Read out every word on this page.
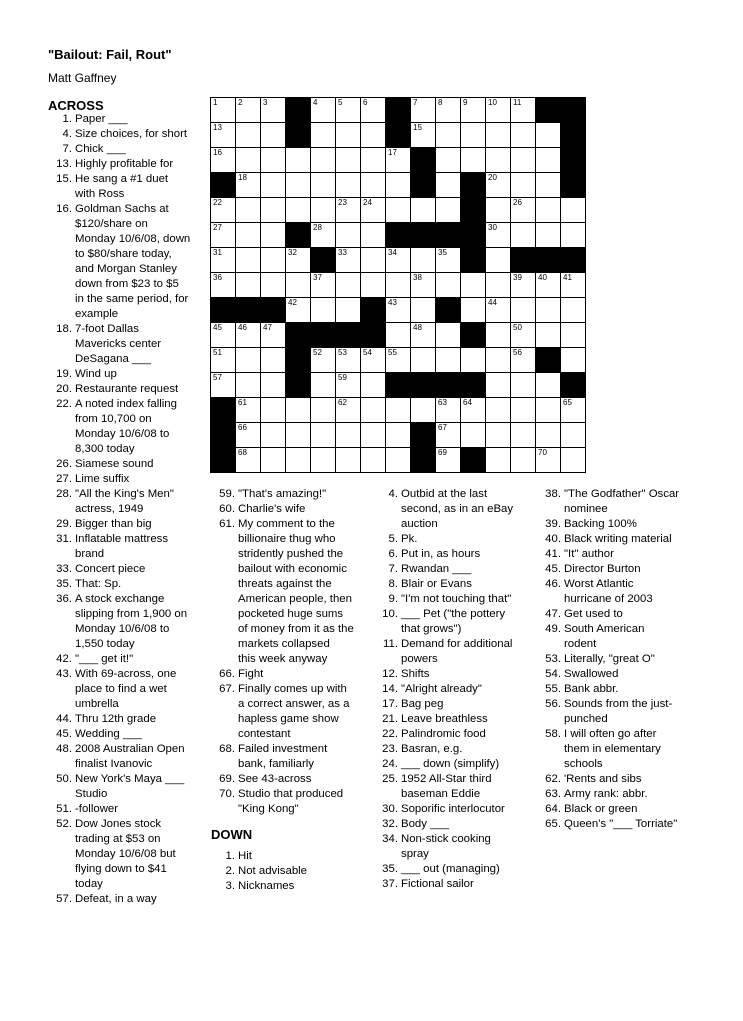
"Bailout: Fail, Rout"
Matt Gaffney
1	2	3	4	5	6	7	8	9	10 11
13	15
16	17
18	20
22	23 24	26
27	28	30
31	32	33	34	35
36	37	38	39 40 41
42	43	44
45 46 47	48	50
51	52 53 54 55	56
57	59
61	62	63 64	65
66	67
68	69	70
ACROSS
1. Paper ___
4. Size choices, for short
7. Chick ___
13. Highly profitable for
15. He sang a #1 duet
with Ross
16. Goldman Sachs at
$120/share on
Monday 10/6/08, down
to $80/share today,
and Morgan Stanley
down from $23 to $5
in the same period, for
example
18. 7-foot Dallas
Mavericks center
DeSagana ___
19. Wind up
20. Restaurante request
22. A noted index falling
from 10,700 on
Monday 10/6/08 to
8,300 today
26. Siamese sound
27. Lime suffix
28. "All the King's Men"
actress, 1949
29. Bigger than big
31. Inflatable mattress
brand
33. Concert piece
35. That: Sp.
36. A stock exchange
slipping from 1,900 on
Monday 10/6/08 to
1,550 today
42. "___ get it!"
43. With 69-across, one
place to find a wet
umbrella
44. Thru 12th grade
45. Wedding ___
48. 2008 Australian Open
finalist Ivanovic
50. New York's Maya ___
Studio
51. -follower
52. Dow Jones stock
trading at $53 on
Monday 10/6/08 but
flying down to $41
today
57. Defeat, in a way
59. "That's amazing!"
60. Charlie's wife
61. My comment to the
billionaire thug who
stridently pushed the
bailout with economic
threats against the
American people, then
pocketed huge sums
of money from it as the
markets collapsed
this week anyway
66. Fight
67. Finally comes up with
a correct answer, as a
hapless game show
contestant
68. Failed investment
bank, familiarly
69. See 43-across
70. Studio that produced
"King Kong"
DOWN
1. Hit
2. Not advisable
3. Nicknames
4. Outbid at the last
second, as in an eBay
auction
5. Pk.
6. Put in, as hours
7. Rwandan ___
8. Blair or Evans
9. "I'm not touching that"
10. ___ Pet ("the pottery
that grows")
11. Demand for additional
powers
12. Shifts
14. "Alright already"
17. Bag peg
21. Leave breathless
22. Palindromic food
23. Basran, e.g.
24. ___ down (simplify)
25. 1952 All-Star third
baseman Eddie
30. Soporific interlocutor
32. Body ___
34. Non-stick cooking
spray
35. ___ out (managing)
37. Fictional sailor
38. "The Godfather" Oscar
nominee
39. Backing 100%
40. Black writing material
41. "It" author
45. Director Burton
46. Worst Atlantic
hurricane of 2003
47. Get used to
49. South American
rodent
53. Literally, "great O"
54. Swallowed
55. Bank abbr.
56. Sounds from the just-
punched
58. I will often go after
them in elementary
schools
62. 'Rents and sibs
63. Army rank: abbr.
64. Black or green
65. Queen's "___ Torriate"
